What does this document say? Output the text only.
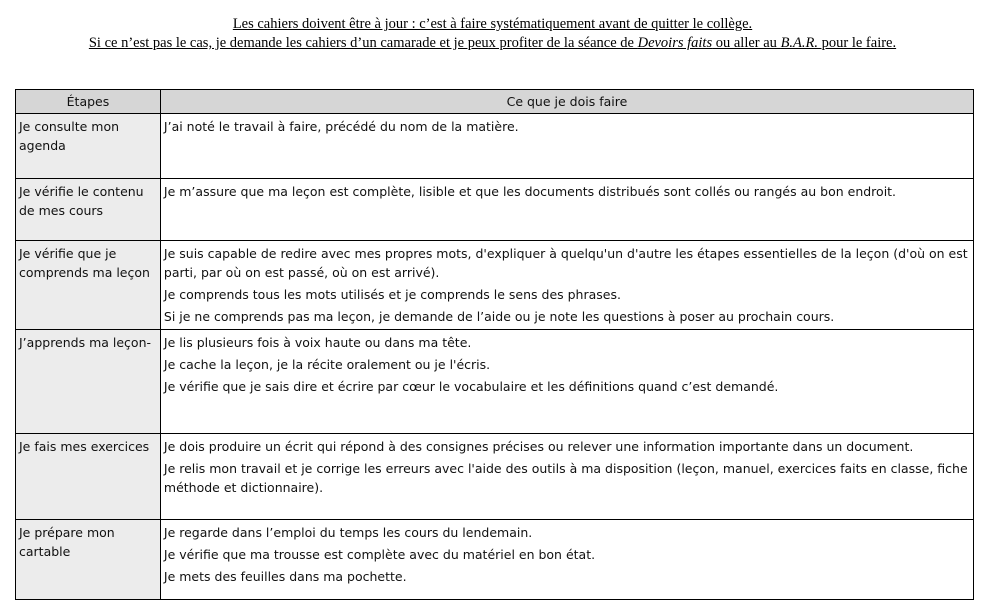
Les cahiers doivent être à jour : c’est à faire systématiquement avant de quitter le collège.

Si ce n’est pas le cas, je demande les cahiers d’un camarade et je peux profiter de la séance de Devoirs faits ou aller au B.A.R. pour le faire.

Étapes	Ce que je dois faire
Je consulte mon agenda	J’ai noté le travail à faire, précédé du nom de la matière.

Je vérifie le contenu de mes cours	Je m’assure que ma leçon est complète, lisible et que les documents distribués sont collés ou rangés au bon endroit.

Je vérifie que je comprends ma leçon	Je suis capable de redire avec mes propres mots, d'expliquer à quelqu'un d'autre les étapes essentielles de la leçon (d'où on est parti, par où on est passé, où on est arrivé).

Je comprends tous les mots utilisés et je comprends le sens des phrases.

Si je ne comprends pas ma leçon, je demande de l’aide ou je note les questions à poser au prochain cours.

J’apprends ma leçon-	Je lis plusieurs fois à voix haute ou dans ma tête.

Je cache la leçon, je la récite oralement ou je l'écris.

Je vérifie que je sais dire et écrire par cœur le vocabulaire et les définitions quand c’est demandé.

Je fais mes exercices	Je dois produire un écrit qui répond à des consignes précises ou relever une information importante dans un document.

Je relis mon travail et je corrige les erreurs avec l'aide des outils à ma disposition (leçon, manuel, exercices faits en classe, fiche méthode et dictionnaire).

Je prépare mon cartable	Je regarde dans l’emploi du temps les cours du lendemain.

Je vérifie que ma trousse est complète avec du matériel en bon état.

Je mets des feuilles dans ma pochette.
